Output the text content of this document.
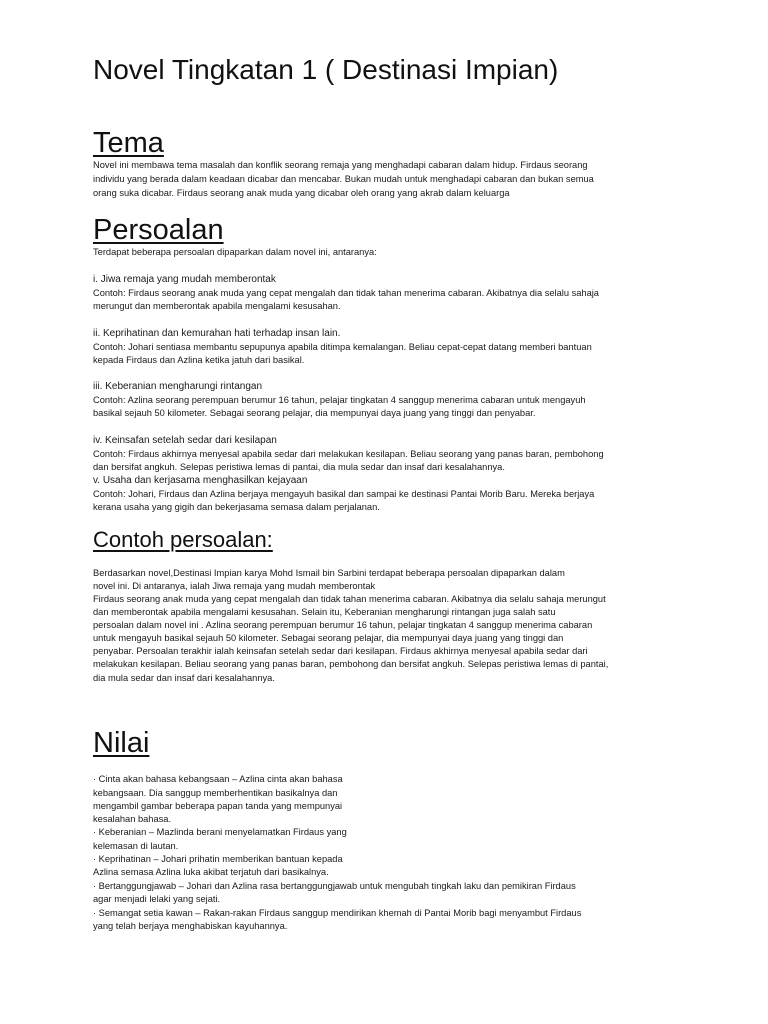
Novel Tingkatan 1 ( Destinasi Impian)
Tema
Novel ini membawa tema masalah dan konflik seorang remaja yang menghadapi cabaran dalam hidup. Firdaus seorang
individu yang berada dalam keadaan dicabar dan mencabar. Bukan mudah untuk menghadapi cabaran dan bukan semua
orang suka dicabar. Firdaus seorang anak muda yang dicabar oleh orang yang akrab dalam keluarga
Persoalan
Terdapat beberapa persoalan dipaparkan dalam novel ini, antaranya:
i. Jiwa remaja yang mudah memberontak
Contoh: Firdaus seorang anak muda yang cepat mengalah dan tidak tahan menerima cabaran. Akibatnya dia selalu sahaja
merungut dan memberontak apabila mengalami kesusahan.
ii. Keprihatinan dan kemurahan hati terhadap insan lain.
Contoh: Johari sentiasa membantu sepupunya apabila ditimpa kemalangan. Beliau cepat-cepat datang memberi bantuan
kepada Firdaus dan Azlina ketika jatuh dari basikal.
iii. Keberanian mengharungi rintangan
Contoh: Azlina seorang perempuan berumur 16 tahun, pelajar tingkatan 4 sanggup menerima cabaran untuk mengayuh
basikal sejauh 50 kilometer. Sebagai seorang pelajar, dia mempunyai daya juang yang tinggi dan penyabar.
iv. Keinsafan setelah sedar dari kesilapan
Contoh: Firdaus akhirnya menyesal apabila sedar dari melakukan kesilapan. Beliau seorang yang panas baran, pembohong
dan bersifat angkuh. Selepas peristiwa lemas di pantai, dia mula sedar dan insaf dari kesalahannya.
v. Usaha dan kerjasama menghasilkan kejayaan
Contoh: Johari, Firdaus dan Azlina berjaya mengayuh basikal dan sampai ke destinasi Pantai Morib Baru. Mereka berjaya
kerana usaha yang gigih dan bekerjasama semasa dalam perjalanan.
Contoh persoalan:
Berdasarkan novel,Destinasi Impian karya Mohd Ismail bin Sarbini terdapat beberapa persoalan dipaparkan dalam
novel ini. Di antaranya, ialah Jiwa remaja yang mudah memberontak
Firdaus seorang anak muda yang cepat mengalah dan tidak tahan menerima cabaran. Akibatnya dia selalu sahaja merungut
dan memberontak apabila mengalami kesusahan. Selain itu, Keberanian mengharungi rintangan juga salah satu
persoalan dalam novel ini . Azlina seorang perempuan berumur 16 tahun, pelajar tingkatan 4 sanggup menerima cabaran
untuk mengayuh basikal sejauh 50 kilometer. Sebagai seorang pelajar, dia mempunyai daya juang yang tinggi dan
penyabar. Persoalan terakhir ialah keinsafan setelah sedar dari kesilapan. Firdaus akhirnya menyesal apabila sedar dari
melakukan kesilapan. Beliau seorang yang panas baran, pembohong dan bersifat angkuh. Selepas peristiwa lemas di pantai,
dia mula sedar dan insaf dari kesalahannya.
Nilai
· Cinta akan bahasa kebangsaan – Azlina cinta akan bahasa
kebangsaan. Dia sanggup memberhentikan basikalnya dan
mengambil gambar beberapa papan tanda yang mempunyai
kesalahan bahasa.
· Keberanian – Mazlinda berani menyelamatkan Firdaus yang
kelemasan di lautan.
· Keprihatinan – Johari prihatin memberikan bantuan kepada
Azlina semasa Azlina luka akibat terjatuh dari basikalnya.
· Bertanggungjawab – Johari dan Azlina rasa bertanggungjawab untuk mengubah tingkah laku dan pemikiran Firdaus
agar menjadi lelaki yang sejati.
· Semangat setia kawan – Rakan-rakan Firdaus sanggup mendirikan khemah di Pantai Morib bagi menyambut Firdaus
yang telah berjaya menghabiskan kayuhannya.
